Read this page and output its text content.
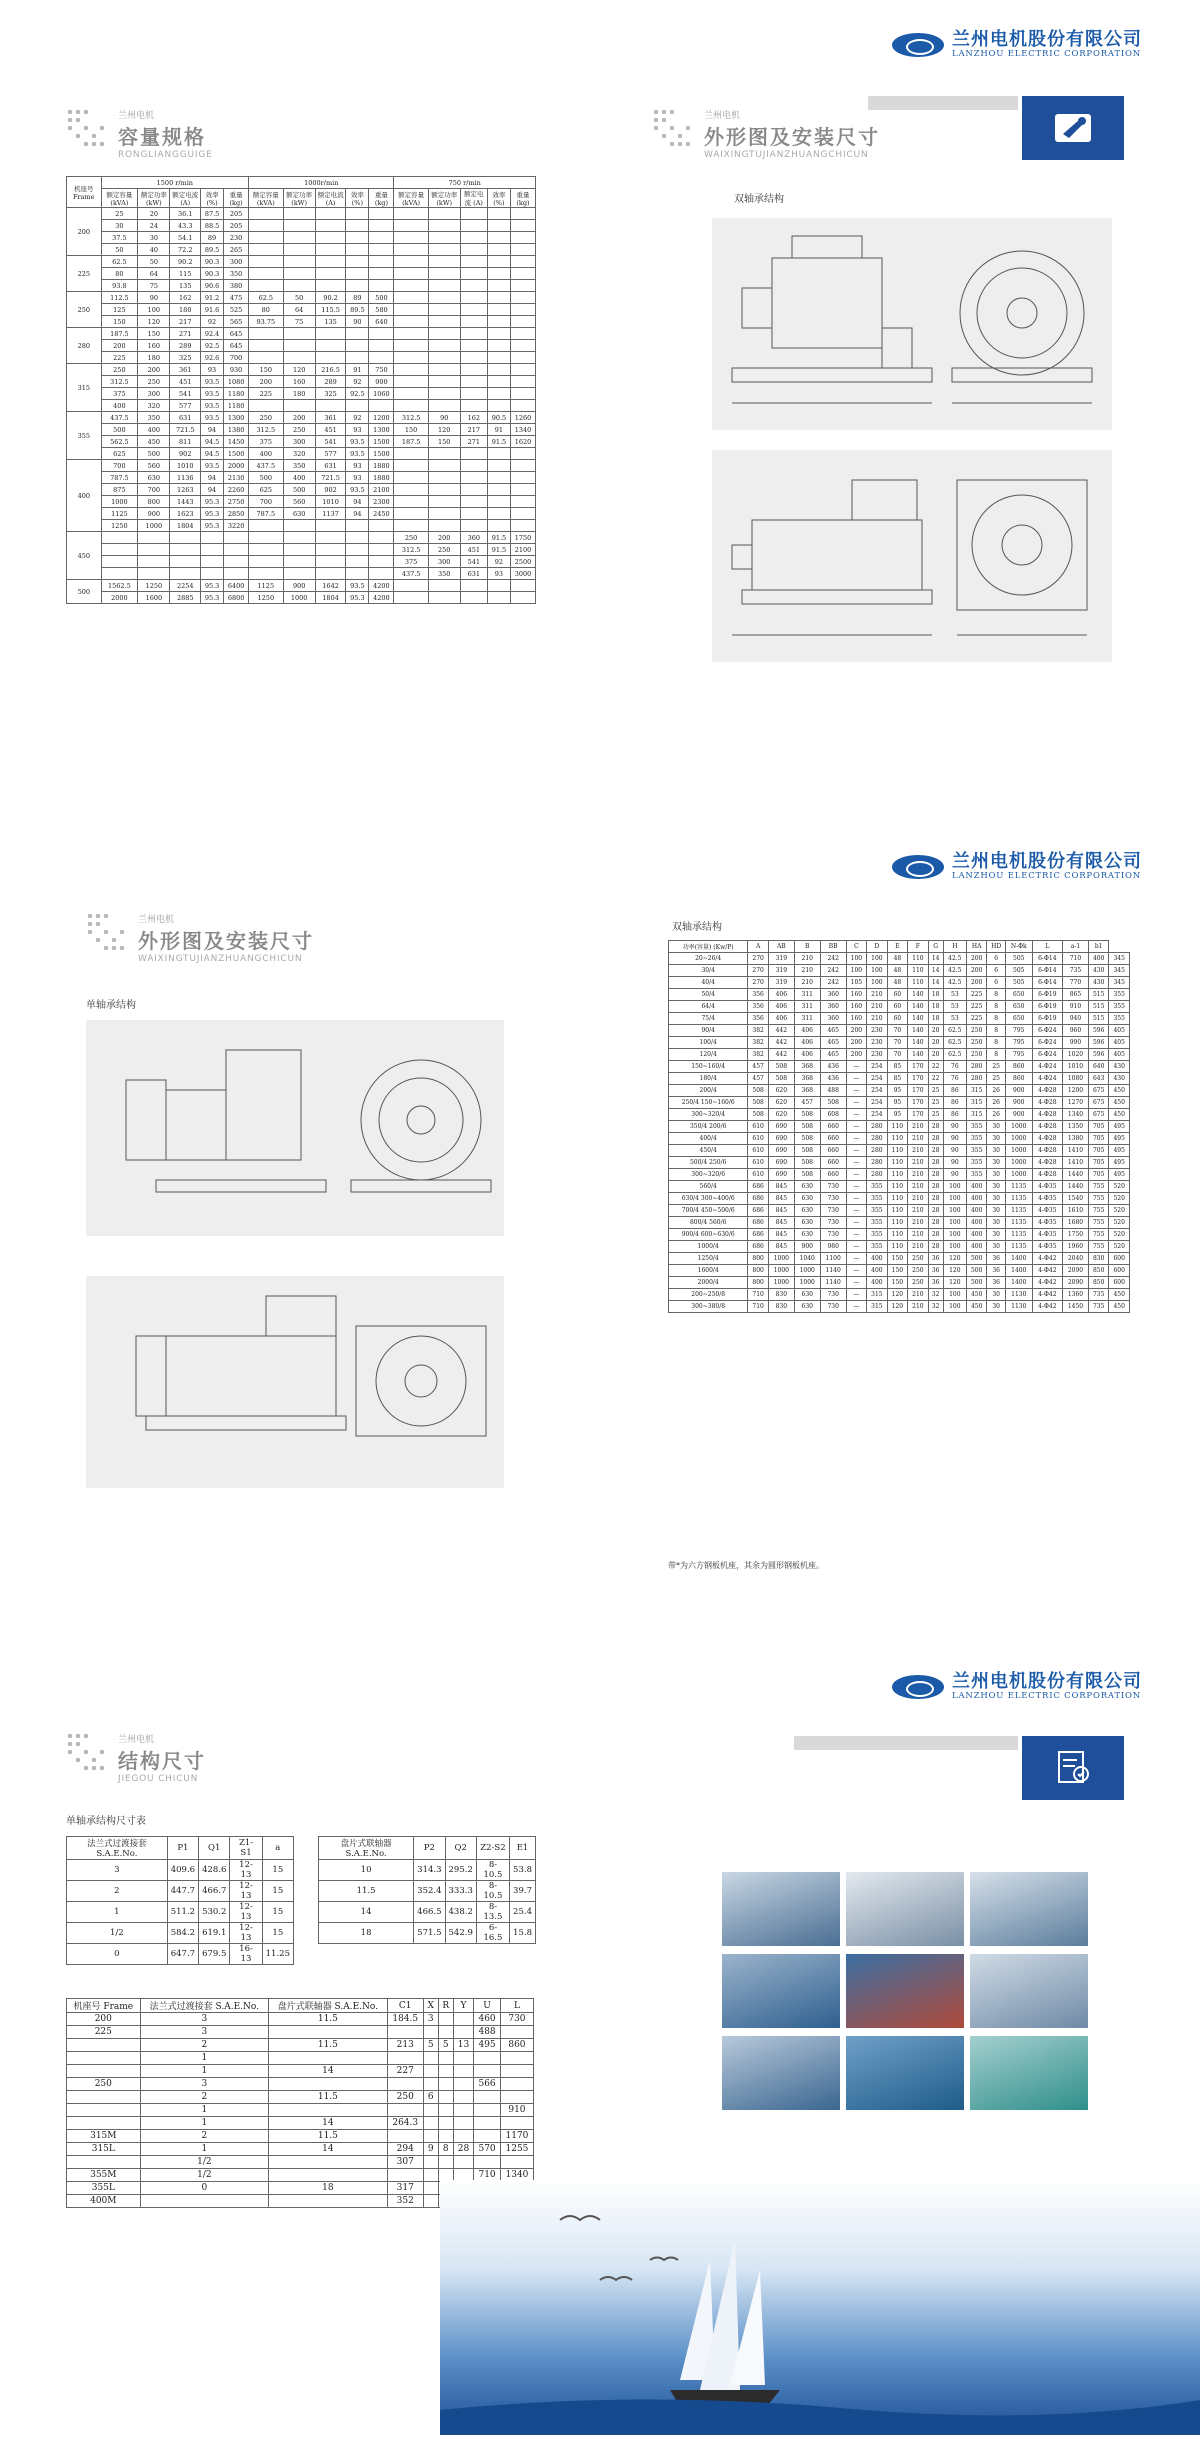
兰州电机股份有限公司
LANZHOU ELECTRIC CORPORATION
兰州电机
容量规格
RONGLIANGGUIGE
机座号 Frame	1500 r/min					1000r/min					750 r/min				
	额定容量 (kVA)	额定功率 (kW)	额定电流 (A)	效率 (%)	重量 (kg)	额定容量 (kVA)	额定功率 (kW)	额定电流 (A)	效率 (%)	重量 (kg)	额定容量 (kVA)	额定功率 (kW)	额定电流 (A)	效率 (%)	重量 (kg)
200	25	20	36.1	87.5	205										
	30	24	43.3	88.5	205										
	37.5	30	54.1	89	230										
	50	40	72.2	89.5	265										
225	62.5	50	90.2	90.3	300										
	80	64	115	90.3	350										
	93.8	75	135	90.6	380										
250	112.5	90	162	91.2	475	62.5	50	90.2	89	500					
	125	100	180	91.6	525	80	64	115.5	89.5	580					
	150	120	217	92	565	93.75	75	135	90	640					
280	187.5	150	271	92.4	645										
	200	160	289	92.5	645										
	225	180	325	92.6	700										
315	250	200	361	93	930	150	120	216.5	91	750					
	312.5	250	451	93.5	1080	200	160	289	92	900					
	375	300	541	93.5	1180	225	180	325	92.5	1060					
	400	320	577	93.5	1180										
355	437.5	350	631	93.5	1300	250	200	361	92	1200	312.5	90	162	90.5	1260
	500	400	721.5	94	1380	312.5	250	451	93	1300	150	120	217	91	1340
	562.5	450	811	94.5	1450	375	300	541	93.5	1500	187.5	150	271	91.5	1620
	625	500	902	94.5	1500	400	320	577	93.5	1500					
400	700	560	1010	93.5	2000	437.5	350	631	93	1880					
	787.5	630	1136	94	2130	500	400	721.5	93	1880					
	875	700	1263	94	2260	625	500	902	93.5	2100					
	1000	800	1443	95.3	2750	700	560	1010	94	2300					
	1125	900	1623	95.3	2850	787.5	630	1137	94	2450					
	1250	1000	1804	95.3	3220										
450											250	200	360	91.5	1750
											312.5	250	451	91.5	2100
											375	300	541	92	2500
											437.5	350	631	93	3000
500	1562.5	1250	2254	95.3	6400	1125	900	1642	93.5	4200					
	2000	1600	2885	95.3	6800	1250	1000	1804	95.3	4200					
兰州电机
外形图及安装尺寸
WAIXINGTUJIANZHUANGCHICUN
双轴承结构
兰州电机股份有限公司
LANZHOU ELECTRIC CORPORATION
兰州电机
外形图及安装尺寸
WAIXINGTUJIANZHUANGCHICUN
单轴承结构
双轴承结构
功率(容量) (Kw/P)	A	AB	B	BB	C	D	E	F	G	H	HA	HD	N-Φk	L	a-1	b1	
20~26/4	270	319	210	242	100	100	48	110	14	42.5	200	6	505	6-Φ14	710	400	345
30/4	270	319	210	242	100	100	48	110	14	42.5	200	6	505	6-Φ14	735	430	345
40/4	270	319	210	242	105	100	48	110	14	42.5	200	6	505	6-Φ14	770	430	345
50/4	356	406	311	360	160	210	60	140	18	53	225	8	650	6-Φ19	865	515	355
64/4	356	406	311	360	160	210	60	140	18	53	225	8	650	6-Φ19	910	515	355
75/4	356	406	311	360	160	210	60	140	18	53	225	8	650	6-Φ19	940	515	355
90/4	382	442	406	465	200	230	70	140	20	62.5	250	8	795	6-Φ24	960	596	405
100/4	382	442	406	465	200	230	70	140	20	62.5	250	8	795	6-Φ24	990	596	405
120/4	382	442	406	465	200	230	70	140	20	62.5	250	8	795	6-Φ24	1020	596	405
150~160/4	457	508	368	436	—	254	85	170	22	76	280	25	860	4-Φ24	1010	640	430
180/4	457	508	368	436	—	254	85	170	22	76	280	25	860	4-Φ24	1080	643	430
200/4	508	620	368	488	—	254	95	170	25	86	315	26	900	4-Φ28	1200	675	450
250/4 150~160/6	508	620	457	508	—	254	95	170	25	86	315	26	900	4-Φ28	1270	675	450
300~320/4	508	620	508	608	—	254	95	170	25	86	315	26	900	4-Φ28	1340	675	450
350/4 200/6	610	690	508	660	—	280	110	210	28	90	355	30	1000	4-Φ28	1350	705	495
400/4	610	690	508	660	—	280	110	210	28	90	355	30	1000	4-Φ28	1380	705	495
450/4	610	690	508	660	—	280	110	210	28	90	355	30	1000	4-Φ28	1410	705	495
500/4 250/6	610	690	508	660	—	280	110	210	28	90	355	30	1000	4-Φ28	1410	705	495
300~320/6	610	690	508	660	—	280	110	210	28	90	355	30	1000	4-Φ28	1440	705	495
560/4	686	845	630	730	—	355	110	210	28	100	400	30	1135	4-Φ35	1440	755	520
630/4 300~400/6	686	845	630	730	—	355	110	210	28	100	400	30	1135	4-Φ35	1540	755	520
700/4 450~500/6	686	845	630	730	—	355	110	210	28	100	400	30	1135	4-Φ35	1610	755	520
800/4 560/6	686	845	630	730	—	355	110	210	28	100	400	30	1135	4-Φ35	1680	755	520
900/4 600~630/6	686	845	630	730	—	355	110	210	28	100	400	30	1135	4-Φ35	1750	755	520
1000/4	686	845	900	980	—	355	110	210	28	100	400	30	1135	4-Φ35	1960	755	520
1250/4	800	1000	1040	1100	—	400	150	250	36	120	500	36	1400	4-Φ42	2040	830	600
1600/4	800	1000	1000	1140	—	400	150	250	36	120	500	36	1400	4-Φ42	2090	850	600
2000/4	800	1000	1000	1140	—	400	150	250	36	120	500	36	1400	4-Φ42	2090	850	600
200~250/8	710	830	630	730	—	315	120	210	32	100	450	30	1130	4-Φ42	1360	735	450
300~380/8	710	830	630	730	—	315	120	210	32	100	450	30	1130	4-Φ42	1450	735	450
带*为六方钢板机座，其余为圆形钢板机座。
兰州电机股份有限公司
LANZHOU ELECTRIC CORPORATION
兰州电机
结构尺寸
JIEGOU CHICUN
单轴承结构尺寸表
法兰式过渡接套 S.A.E.No.	P1	Q1	Z1-S1	a
3	409.6	428.6	12- 13	15
2	447.7	466.7	12- 13	15
1	511.2	530.2	12- 13	15
1/2	584.2	619.1	12- 13	15
0	647.7	679.5	16- 13	11.25
盘片式联轴器 S.A.E.No.	P2	Q2	Z2-S2	E1
10	314.3	295.2	8-10.5	53.8
11.5	352.4	333.3	8-10.5	39.7
14	466.5	438.2	8-13.5	25.4
18	571.5	542.9	6-16.5	15.8
机座号 Frame	法兰式过渡接套 S.A.E.No.	盘片式联轴器 S.A.E.No.	C1	X	R	Y	U	L
200	3	11.5	184.5	3			460	730
225	3						488	
	2	11.5	213	5	5	13	495	860
	1							
	1	14	227					
250	3						566	
	2	11.5	250	6				
	1							910
	1	14	264.3					
315M	2	11.5						1170
315L	1	14	294	9	8	28	570	1255
	1/2		307					
355M	1/2						710	1340
355L	0	18	317					
400M			352					
